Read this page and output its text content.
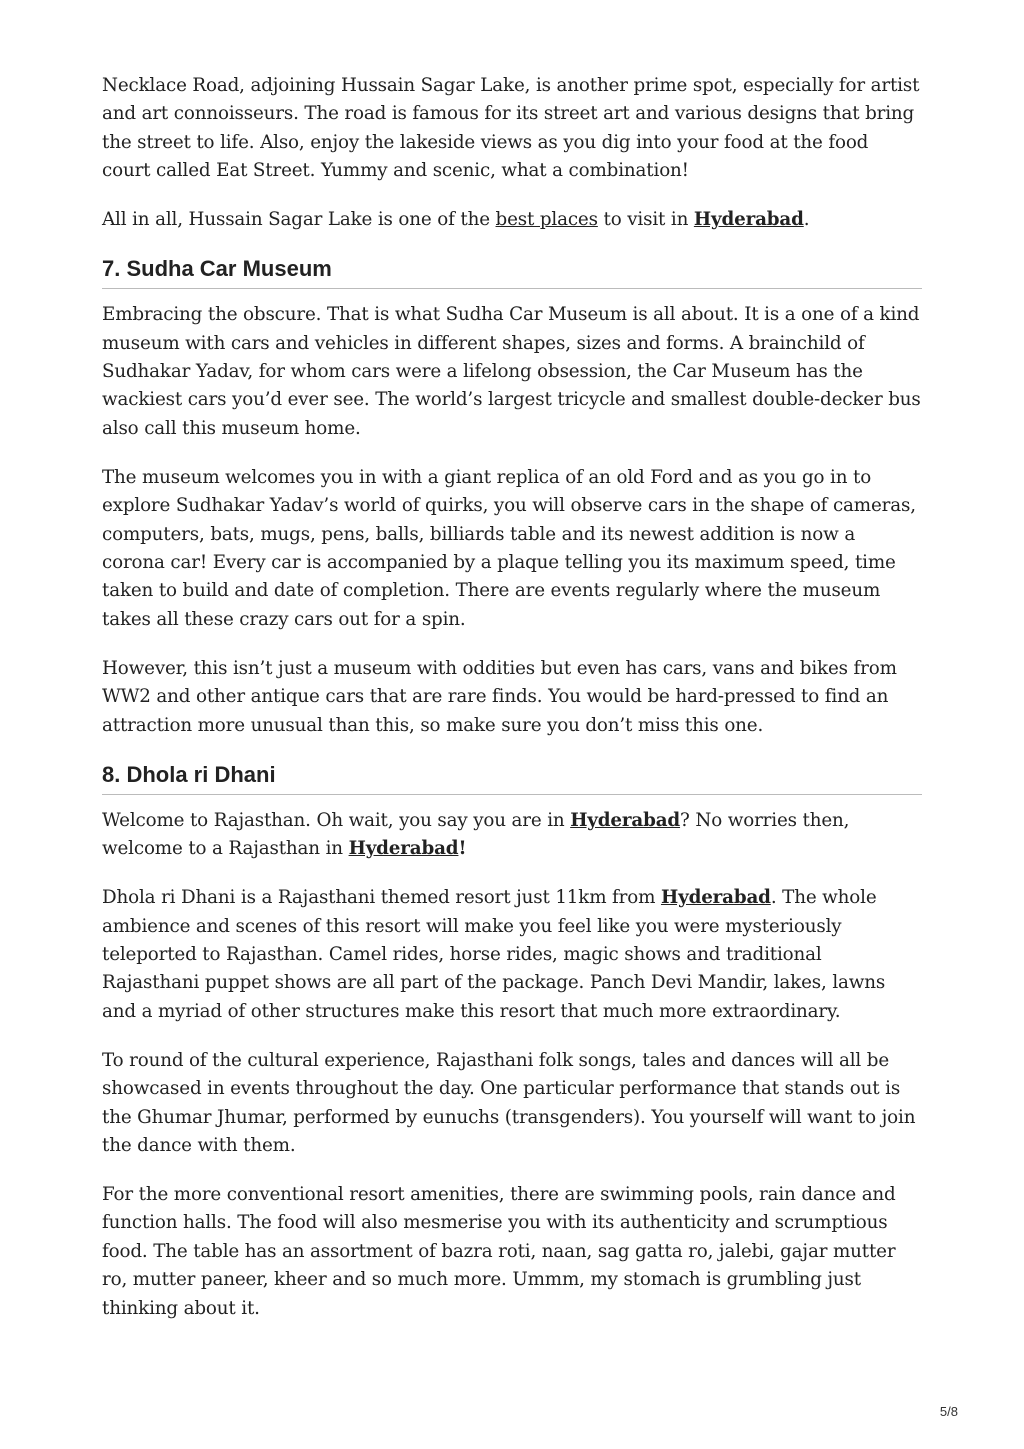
Necklace Road, adjoining Hussain Sagar Lake, is another prime spot, especially for artist and art connoisseurs. The road is famous for its street art and various designs that bring the street to life. Also, enjoy the lakeside views as you dig into your food at the food court called Eat Street. Yummy and scenic, what a combination!

All in all, Hussain Sagar Lake is one of the best places to visit in Hyderabad.

7. Sudha Car Museum

Embracing the obscure. That is what Sudha Car Museum is all about. It is a one of a kind museum with cars and vehicles in different shapes, sizes and forms. A brainchild of Sudhakar Yadav, for whom cars were a lifelong obsession, the Car Museum has the wackiest cars you’d ever see. The world’s largest tricycle and smallest double-decker bus also call this museum home.

The museum welcomes you in with a giant replica of an old Ford and as you go in to explore Sudhakar Yadav’s world of quirks, you will observe cars in the shape of cameras, computers, bats, mugs, pens, balls, billiards table and its newest addition is now a corona car! Every car is accompanied by a plaque telling you its maximum speed, time taken to build and date of completion. There are events regularly where the museum takes all these crazy cars out for a spin.

However, this isn’t just a museum with oddities but even has cars, vans and bikes from WW2 and other antique cars that are rare finds. You would be hard-pressed to find an attraction more unusual than this, so make sure you don’t miss this one.

8. Dhola ri Dhani

Welcome to Rajasthan. Oh wait, you say you are in Hyderabad? No worries then, welcome to a Rajasthan in Hyderabad!

Dhola ri Dhani is a Rajasthani themed resort just 11km from Hyderabad. The whole ambience and scenes of this resort will make you feel like you were mysteriously teleported to Rajasthan. Camel rides, horse rides, magic shows and traditional Rajasthani puppet shows are all part of the package. Panch Devi Mandir, lakes, lawns and a myriad of other structures make this resort that much more extraordinary.

To round of the cultural experience, Rajasthani folk songs, tales and dances will all be showcased in events throughout the day. One particular performance that stands out is the Ghumar Jhumar, performed by eunuchs (transgenders). You yourself will want to join the dance with them.

For the more conventional resort amenities, there are swimming pools, rain dance and function halls. The food will also mesmerise you with its authenticity and scrumptious food. The table has an assortment of bazra roti, naan, sag gatta ro, jalebi, gajar mutter ro, mutter paneer, kheer and so much more. Ummm, my stomach is grumbling just thinking about it.

5/8
